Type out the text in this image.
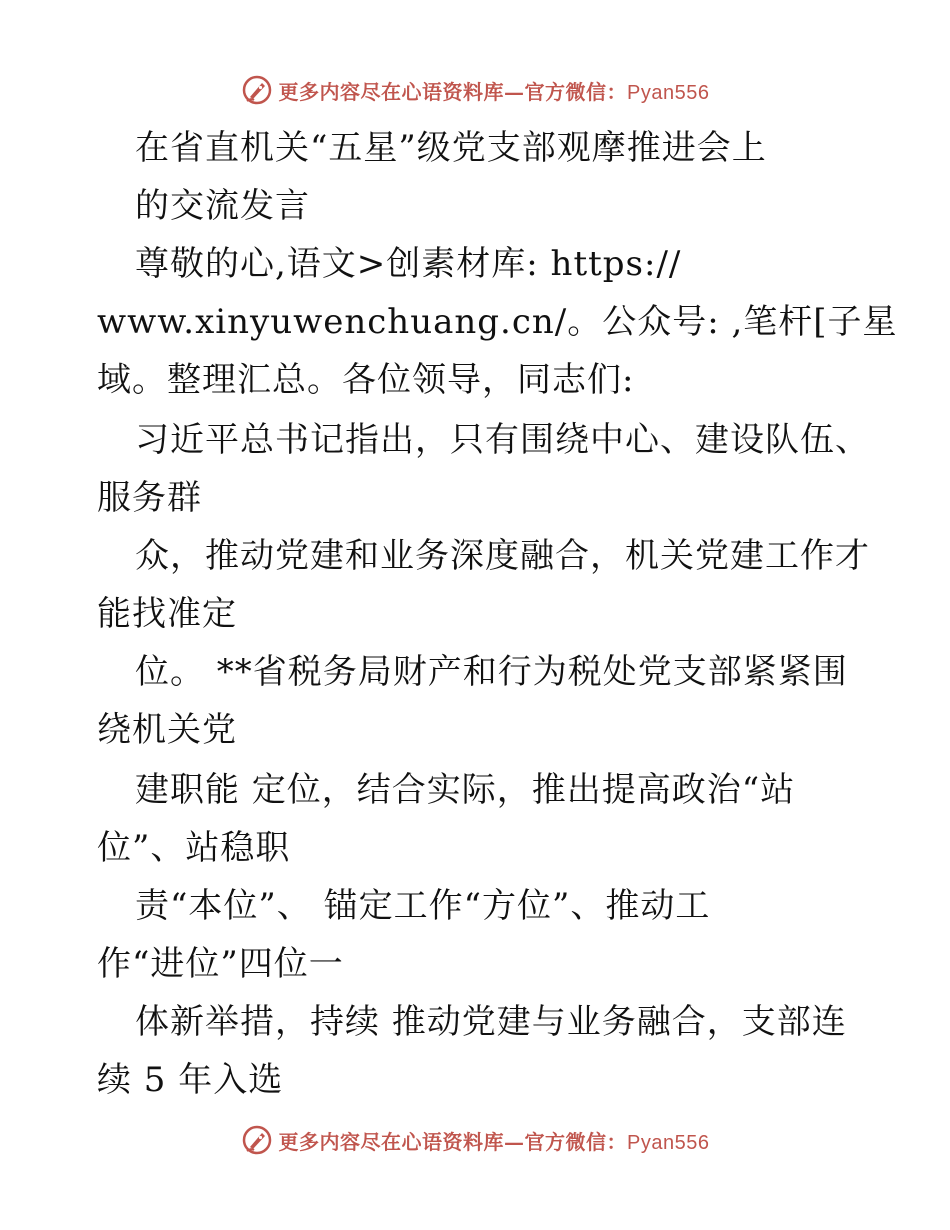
更多内容尽在心语资料库—官方微信：Pyan556
在省直机关“五星”级党支部观摩推进会上
的交流发言
尊敬的心,语文>创素材库: https://
www.xinyuwenchuang.cn/。公众号: ,笔杆[子星
域。整理汇总。各位领导，同志们:
习近平总书记指出，只有围绕中心、建设队伍、
服务群
众，推动党建和业务深度融合，机关党建工作才
能找准定
位。 **省税务局财产和行为税处党支部紧紧围
绕机关党
建职能 定位，结合实际，推出提高政治“站
位”、站稳职
责“本位”、 锚定工作“方位”、推动工
作“进位”四位一
体新举措，持续 推动党建与业务融合，支部连
续 5 年入选
更多内容尽在心语资料库—官方微信：Pyan556
